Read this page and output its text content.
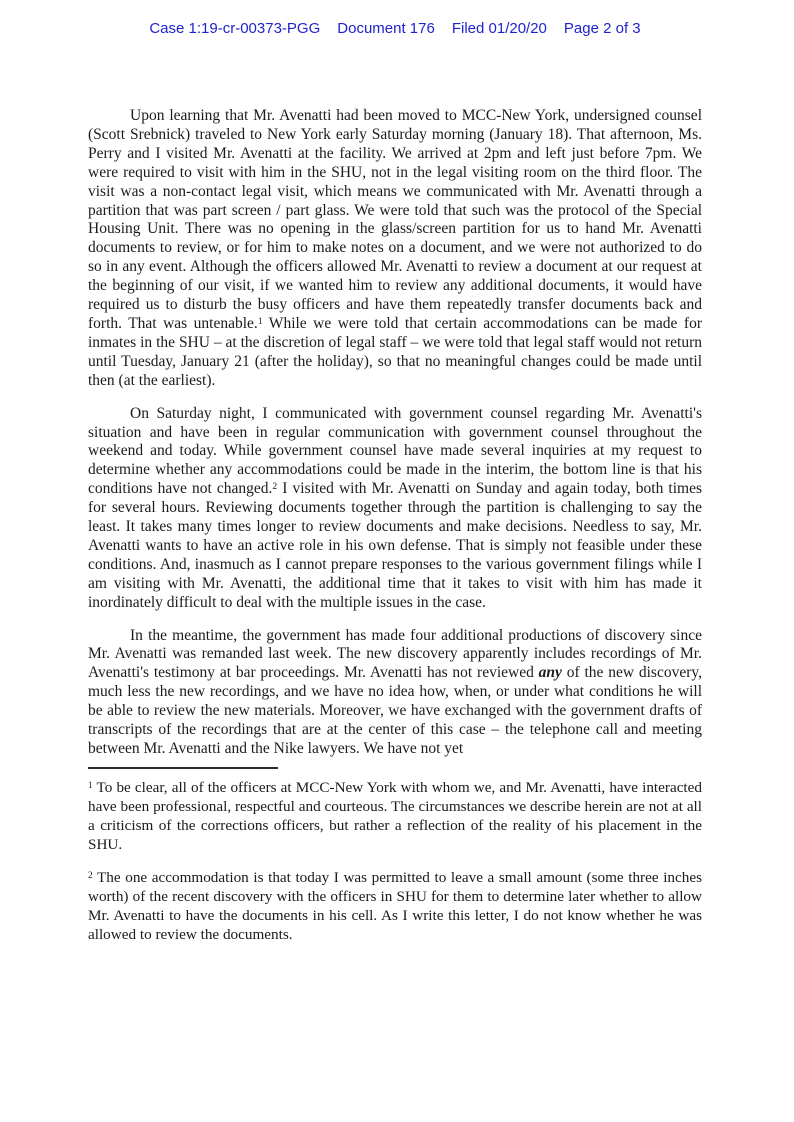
Case 1:19-cr-00373-PGG Document 176 Filed 01/20/20 Page 2 of 3

Upon learning that Mr. Avenatti had been moved to MCC-New York, undersigned counsel (Scott Srebnick) traveled to New York early Saturday morning (January 18). That afternoon, Ms. Perry and I visited Mr. Avenatti at the facility. We arrived at 2pm and left just before 7pm. We were required to visit with him in the SHU, not in the legal visiting room on the third floor. The visit was a non-contact legal visit, which means we communicated with Mr. Avenatti through a partition that was part screen / part glass. We were told that such was the protocol of the Special Housing Unit. There was no opening in the glass/screen partition for us to hand Mr. Avenatti documents to review, or for him to make notes on a document, and we were not authorized to do so in any event. Although the officers allowed Mr. Avenatti to review a document at our request at the beginning of our visit, if we wanted him to review any additional documents, it would have required us to disturb the busy officers and have them repeatedly transfer documents back and forth. That was untenable.$^1$ While we were told that certain accommodations can be made for inmates in the SHU – at the discretion of legal staff – we were told that legal staff would not return until Tuesday, January 21 (after the holiday), so that no meaningful changes could be made until then (at the earliest).

On Saturday night, I communicated with government counsel regarding Mr. Avenatti's situation and have been in regular communication with government counsel throughout the weekend and today. While government counsel have made several inquiries at my request to determine whether any accommodations could be made in the interim, the bottom line is that his conditions have not changed.$^2$ I visited with Mr. Avenatti on Sunday and again today, both times for several hours. Reviewing documents together through the partition is challenging to say the least. It takes many times longer to review documents and make decisions. Needless to say, Mr. Avenatti wants to have an active role in his own defense. That is simply not feasible under these conditions. And, inasmuch as I cannot prepare responses to the various government filings while I am visiting with Mr. Avenatti, the additional time that it takes to visit with him has made it inordinately difficult to deal with the multiple issues in the case.

In the meantime, the government has made four additional productions of discovery since Mr. Avenatti was remanded last week. The new discovery apparently includes recordings of Mr. Avenatti's testimony at bar proceedings. Mr. Avenatti has not reviewed any of the new discovery, much less the new recordings, and we have no idea how, when, or under what conditions he will be able to review the new materials. Moreover, we have exchanged with the government drafts of transcripts of the recordings that are at the center of this case – the telephone call and meeting between Mr. Avenatti and the Nike lawyers. We have not yet

$^1$ To be clear, all of the officers at MCC-New York with whom we, and Mr. Avenatti, have interacted have been professional, respectful and courteous. The circumstances we describe herein are not at all a criticism of the corrections officers, but rather a reflection of the reality of his placement in the SHU.

$^2$ The one accommodation is that today I was permitted to leave a small amount (some three inches worth) of the recent discovery with the officers in SHU for them to determine later whether to allow Mr. Avenatti to have the documents in his cell. As I write this letter, I do not know whether he was allowed to review the documents.
